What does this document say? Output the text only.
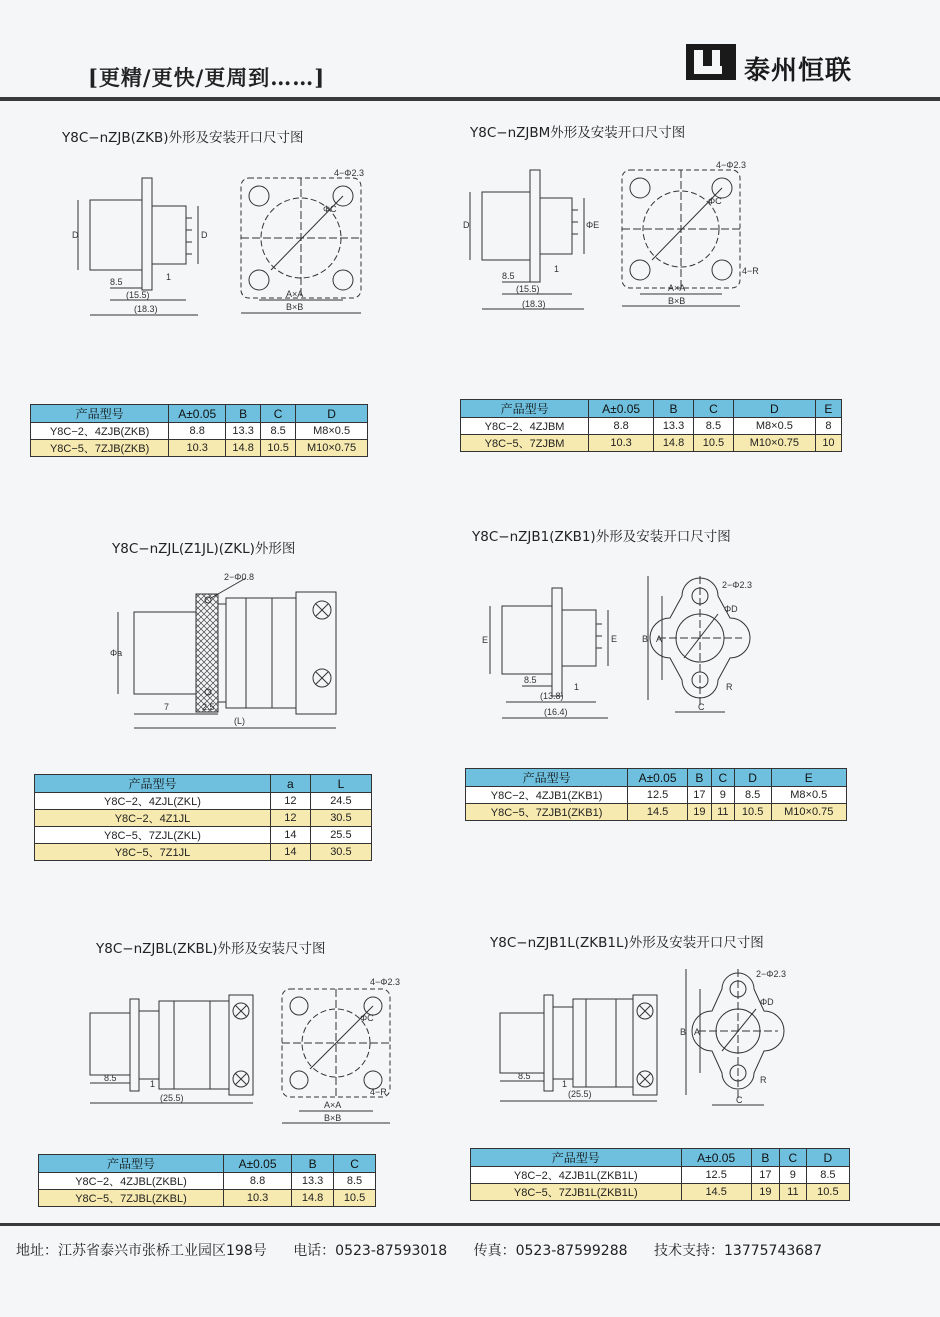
[更精/更快/更周到……]	泰州恒联
Y8C−nZJB(ZKB)外形及安装开口尺寸图
8.5	1
(15.5)
(18.3)
D	D
4−Φ2.3
ΦC
A×A
B×B
产品型号	A±0.05	B	C	D
Y8C−2、4ZJB(ZKB)	8.8	13.3	8.5	M8×0.5
Y8C−5、7ZJB(ZKB)	10.3	14.8	10.5	M10×0.75
Y8C−nZJBM外形及安装开口尺寸图
8.5
1
(15.5)
(18.3)
D	ΦE
4−Φ2.3
ΦC
4−R
A×A
B×B
产品型号	A±0.05	B	C	D	E
Y8C−2、4ZJBM	8.8	13.3	8.5	M8×0.5	8
Y8C−5、7ZJBM	10.3	14.8	10.5	M10×0.75	10
Y8C−nZJL(Z1JL)(ZKL)外形图
2−Φ0.8
Φa
7	2.5
(L)
产品型号	a	L
Y8C−2、4ZJL(ZKL)	12	24.5
Y8C−2、4Z1JL	12	30.5
Y8C−5、7ZJL(ZKL)	14	25.5
Y8C−5、7Z1JL	14	30.5
Y8C−nZJB1(ZKB1)外形及安装开口尺寸图
2−Φ2.3
ΦD
B A
R
C
8.5
1
(13.8)
(16.4)
E	E
产品型号	A±0.05	B	C	D	E
Y8C−2、4ZJB1(ZKB1)	12.5	17	9	8.5	M8×0.5
Y8C−5、7ZJB1(ZKB1)	14.5	19	11	10.5	M10×0.75
Y8C−nZJBL(ZKBL)外形及安装尺寸图
8.5
1
(25.5)
4−Φ2.3
ΦC
4−R
A×A
B×B
产品型号	A±0.05	B	C
Y8C−2、4ZJBL(ZKBL)	8.8	13.3	8.5
Y8C−5、7ZJBL(ZKBL)	10.3	14.8	10.5
Y8C−nZJB1L(ZKB1L)外形及安装开口尺寸图
8.5
1
(25.5)
2−Φ2.3
ΦD
B A
R
C
产品型号	A±0.05	B	C	D
Y8C−2、4ZJB1L(ZKB1L)	12.5	17	9	8.5
Y8C−5、7ZJB1L(ZKB1L)	14.5	19	11	10.5
地址：江苏省泰兴市张桥工业园区198号 电话：0523-87593018 传真：0523-87599288 技术支持：13775743687
